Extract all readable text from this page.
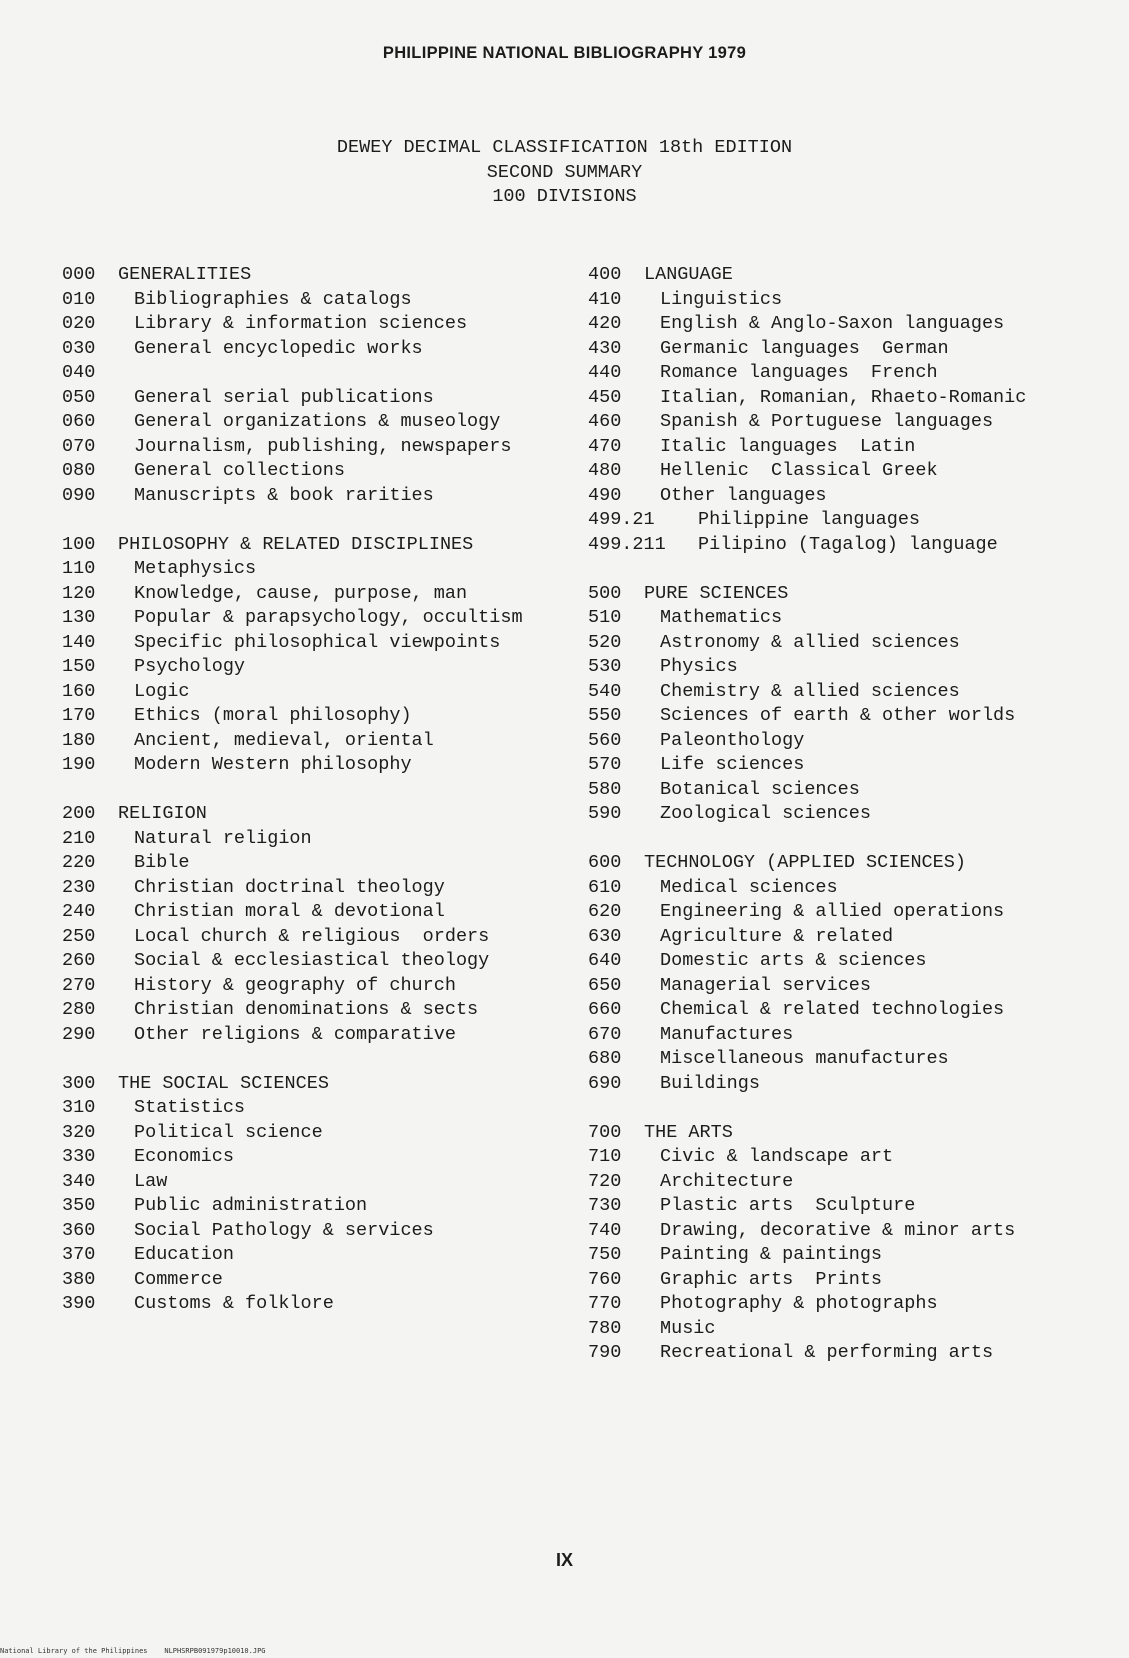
PHILIPPINE NATIONAL BIBLIOGRAPHY 1979
DEWEY DECIMAL CLASSIFICATION 18th EDITION
SECOND SUMMARY
100 DIVISIONS
000	GENERALITIES
010	Bibliographies & catalogs
020	Library & information sciences
030	General encyclopedic works
040
050	General serial publications
060	General organizations & museology
070	Journalism, publishing, newspapers
080	General collections
090	Manuscripts & book rarities
100	PHILOSOPHY & RELATED DISCIPLINES
110	Metaphysics
120	Knowledge, cause, purpose, man
130	Popular & parapsychology, occultism
140	Specific philosophical viewpoints
150	Psychology
160	Logic
170	Ethics (moral philosophy)
180	Ancient, medieval, oriental
190	Modern Western philosophy
200	RELIGION
210	Natural religion
220	Bible
230	Christian doctrinal theology
240	Christian moral & devotional
250	Local church & religious  orders
260	Social & ecclesiastical theology
270	History & geography of church
280	Christian denominations & sects
290	Other religions & comparative
300	THE SOCIAL SCIENCES
310	Statistics
320	Political science
330	Economics
340	Law
350	Public administration
360	Social Pathology & services
370	Education
380	Commerce
390	Customs & folklore
400	LANGUAGE
410	Linguistics
420	English & Anglo-Saxon languages
430	Germanic languages  German
440	Romance languages  French
450	Italian, Romanian, Rhaeto-Romanic
460	Spanish & Portuguese languages
470	Italic languages  Latin
480	Hellenic  Classical Greek
490	Other languages
499.21	Philippine languages
499.211	Pilipino (Tagalog) language
500	PURE SCIENCES
510	Mathematics
520	Astronomy & allied sciences
530	Physics
540	Chemistry & allied sciences
550	Sciences of earth & other worlds
560	Paleonthology
570	Life sciences
580	Botanical sciences
590	Zoological sciences
600	TECHNOLOGY (APPLIED SCIENCES)
610	Medical sciences
620	Engineering & allied operations
630	Agriculture & related
640	Domestic arts & sciences
650	Managerial services
660	Chemical & related technologies
670	Manufactures
680	Miscellaneous manufactures
690	Buildings
700	THE ARTS
710	Civic & landscape art
720	Architecture
730	Plastic arts  Sculpture
740	Drawing, decorative & minor arts
750	Painting & paintings
760	Graphic arts  Prints
770	Photography & photographs
780	Music
790	Recreational & performing arts
IX
National Library of the Philippines    NLPHSRPB091979p10010.JPG
